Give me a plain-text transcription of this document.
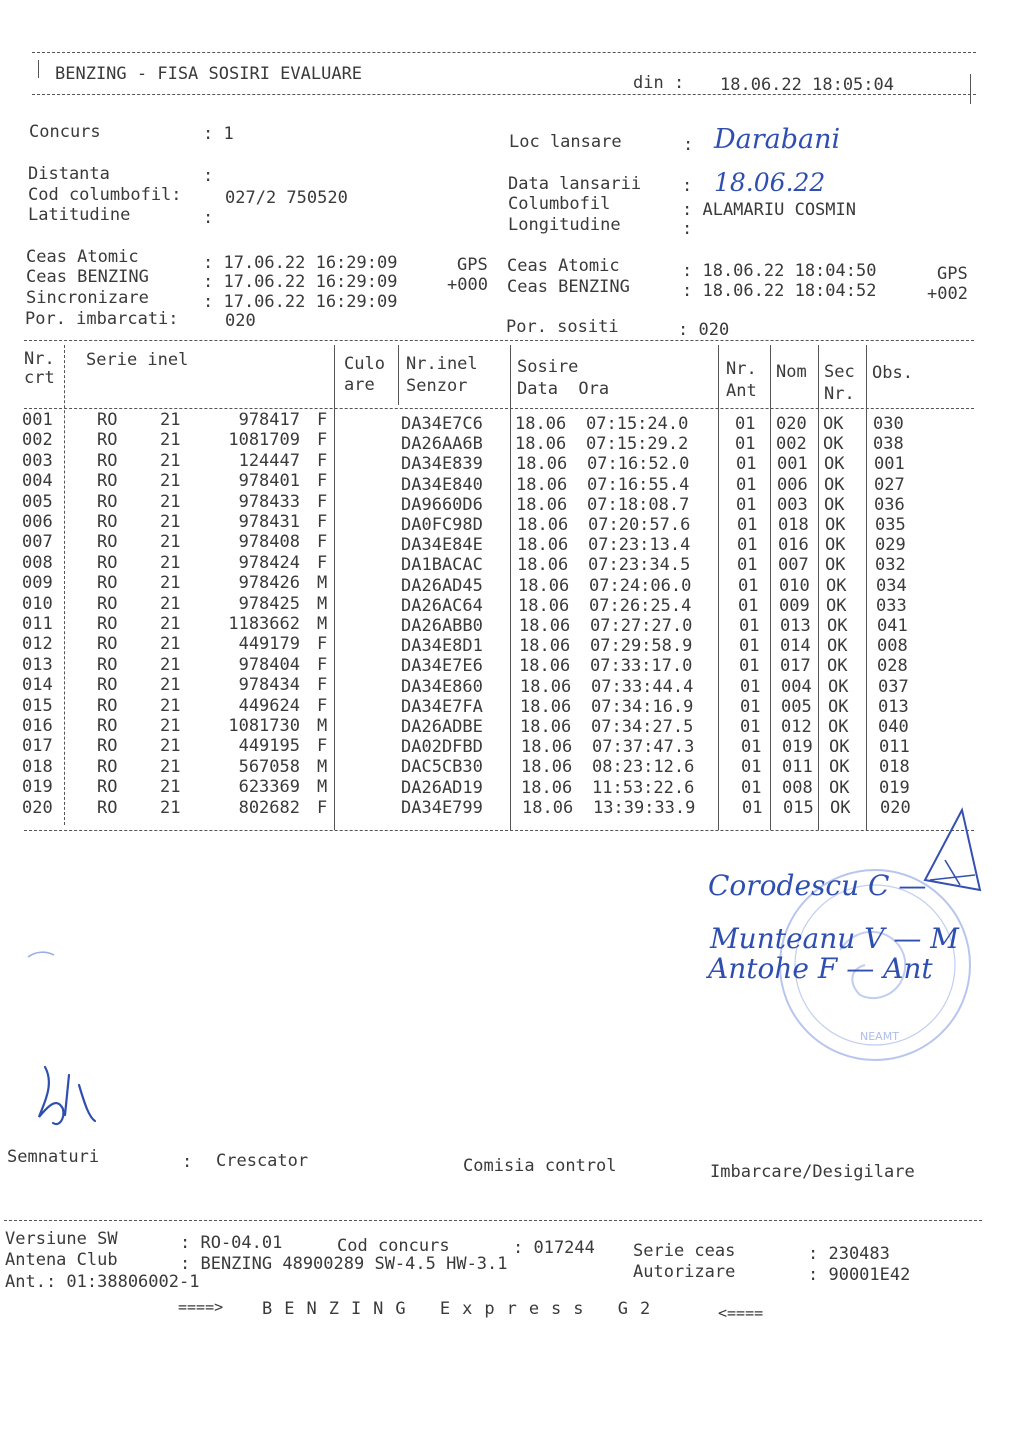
BENZING - FISA SOSIRI EVALUARE	din : 18.06.22 18:05:04
Concurs	: 1
Distanta	:
Cod columbofil:	027/2 750520
Latitudine	:
Loc lansare	: Darabani
Data lansarii : 18.06.22
Columbofil	: ALAMARIU COSMIN
Longitudine	:
Ceas Atomic	: 17.06.22 16:29:09	GPS
Ceas BENZING	: 17.06.22 16:29:09	+000
Sincronizare	: 17.06.22 16:29:09
Ceas Atomic	: 18.06.22 18:04:50	GPS
Ceas BENZING	: 18.06.22 18:04:52	+002
Por. imbarcati:	020	Por. sositi	: 020
Nr.
crt
Serie inel	Culo
are
Nr.inel
Senzor
Sosire
Data  Ora
Nr.
Ant
Nom Sec
Nr.
Obs.
001	RO	21	978417 F	DA34E7C6 18.06 07:15:24.0	01 020 OK 030
002	RO	21	1081709 F	DA26AA6B 18.06 07:15:29.2	01 002 OK 038
003	RO	21	124447 F	DA34E839 18.06 07:16:52.0	01 001 OK 001
004	RO	21	978401 F	DA34E840 18.06 07:16:55.4	01 006 OK 027
005	RO	21	978433 F	DA9660D6 18.06 07:18:08.7	01 003 OK 036
006	RO	21	978431 F	DA0FC98D 18.06 07:20:57.6	01 018 OK 035
007	RO	21	978408 F	DA34E84E 18.06 07:23:13.4	01 016 OK 029
008	RO	21	978424 F	DA1BACAC 18.06 07:23:34.5	01 007 OK 032
009	RO	21	978426 M	DA26AD45 18.06 07:24:06.0	01 010 OK 034
010	RO	21	978425 M	DA26AC64 18.06 07:26:25.4	01 009 OK 033
011	RO	21	1183662 M	DA26ABB0 18.06 07:27:27.0	01 013 OK 041
012	RO	21	449179 F	DA34E8D1 18.06 07:29:58.9	01 014 OK 008
013	RO	21	978404 F	DA34E7E6 18.06 07:33:17.0	01 017 OK 028
014	RO	21	978434 F	DA34E860 18.06 07:33:44.4	01 004 OK 037
015	RO	21	449624 F	DA34E7FA 18.06 07:34:16.9	01 005 OK 013
016	RO	21	1081730 M	DA26ADBE 18.06 07:34:27.5	01 012 OK 040
017	RO	21	449195 F	DA02DFBD 18.06 07:37:47.3	01 019 OK 011
018	RO	21	567058 M	DAC5CB30 18.06 08:23:12.6	01 011 OK 018
019	RO	21	623369 M	DA26AD19 18.06 11:53:22.6	01 008 OK 019
020	RO	21	802682 F	DA34E799 18.06 13:39:33.9	01 015 OK 020
NEAMT
Corodescu C —
Munteanu V — M
Antohe F — Ant
Semnaturi	: Crescator	Comisia control	Imbarcare/Desigilare
Versiune SW	: RO-04.01	Cod concurs	: 017244 Serie ceas	: 230483
Antena Club	: BENZING 48900289 SW-4.5 HW-3.1	Autorizare	: 90001E42
Ant.: 01:38806002-1
====> BENZING Express G2	<====
